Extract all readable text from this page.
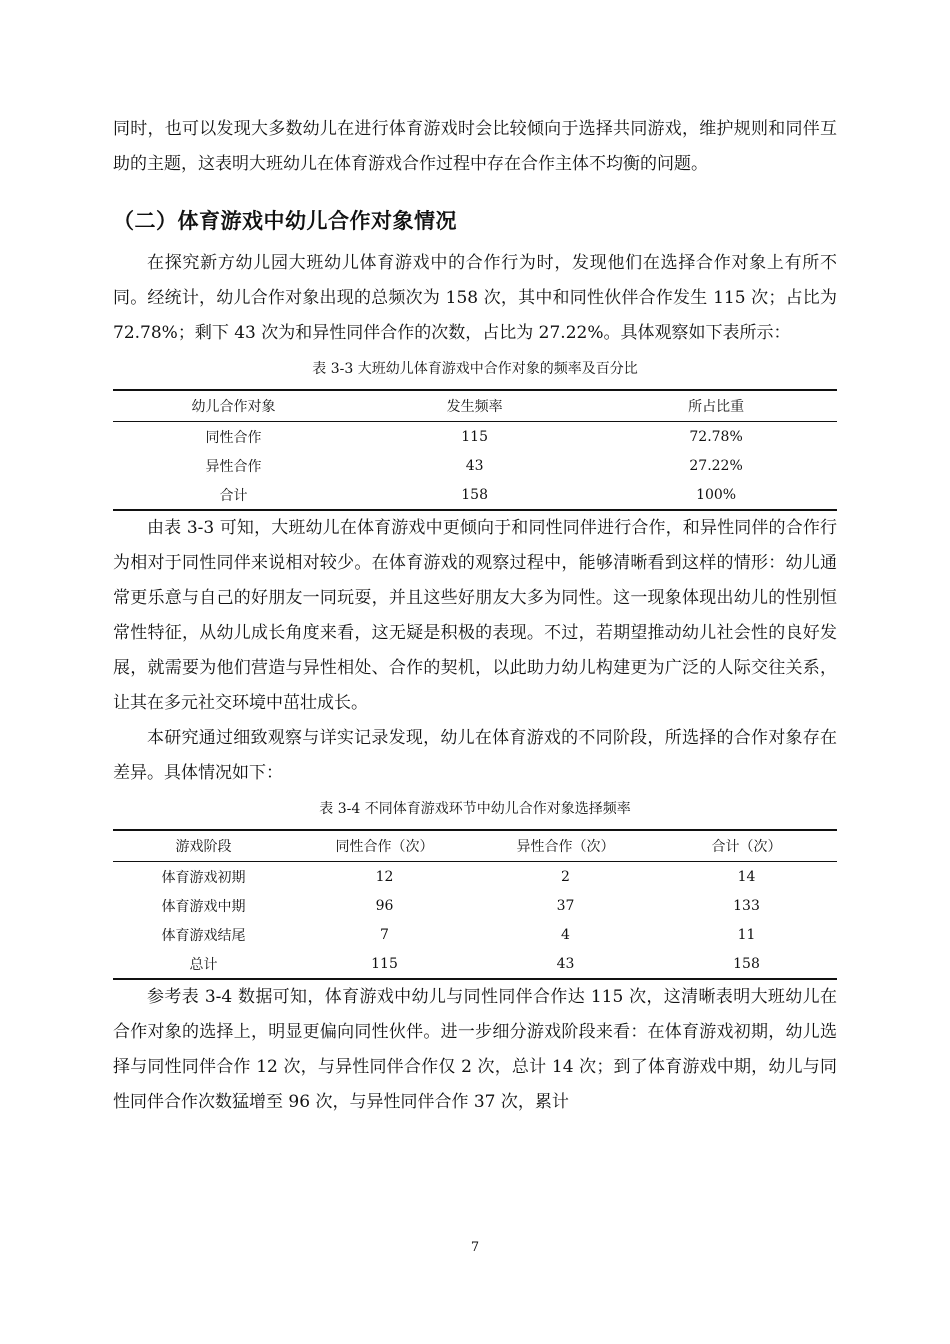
同时，也可以发现大多数幼儿在进行体育游戏时会比较倾向于选择共同游戏，维护规则和同伴互助的主题，这表明大班幼儿在体育游戏合作过程中存在合作主体不均衡的问题。

（二）体育游戏中幼儿合作对象情况

在探究新方幼儿园大班幼儿体育游戏中的合作行为时，发现他们在选择合作对象上有所不同。经统计，幼儿合作对象出现的总频次为 158 次，其中和同性伙伴合作发生 115 次；占比为 72.78%；剩下 43 次为和异性同伴合作的次数，占比为 27.22%。具体观察如下表所示：

表 3-3 大班幼儿体育游戏中合作对象的频率及百分比
幼儿合作对象	发生频率	所占比重
同性合作	115	72.78%
异性合作	43	27.22%
合计	158	100%

由表 3-3 可知，大班幼儿在体育游戏中更倾向于和同性同伴进行合作，和异性同伴的合作行为相对于同性同伴来说相对较少。在体育游戏的观察过程中，能够清晰看到这样的情形：幼儿通常更乐意与自己的好朋友一同玩耍，并且这些好朋友大多为同性。这一现象体现出幼儿的性别恒常性特征，从幼儿成长角度来看，这无疑是积极的表现。不过，若期望推动幼儿社会性的良好发展，就需要为他们营造与异性相处、合作的契机，以此助力幼儿构建更为广泛的人际交往关系，让其在多元社交环境中茁壮成长。

本研究通过细致观察与详实记录发现，幼儿在体育游戏的不同阶段，所选择的合作对象存在差异。具体情况如下：

表 3-4 不同体育游戏环节中幼儿合作对象选择频率
游戏阶段	同性合作（次）	异性合作（次）	合计（次）
体育游戏初期	12	2	14
体育游戏中期	96	37	133
体育游戏结尾	7	4	11
总计	115	43	158

参考表 3-4 数据可知，体育游戏中幼儿与同性同伴合作达 115 次，这清晰表明大班幼儿在合作对象的选择上，明显更偏向同性伙伴。进一步细分游戏阶段来看：在体育游戏初期，幼儿选择与同性同伴合作 12 次，与异性同伴合作仅 2 次，总计 14 次；到了体育游戏中期，幼儿与同性同伴合作次数猛增至 96 次，与异性同伴合作 37 次，累计

7
